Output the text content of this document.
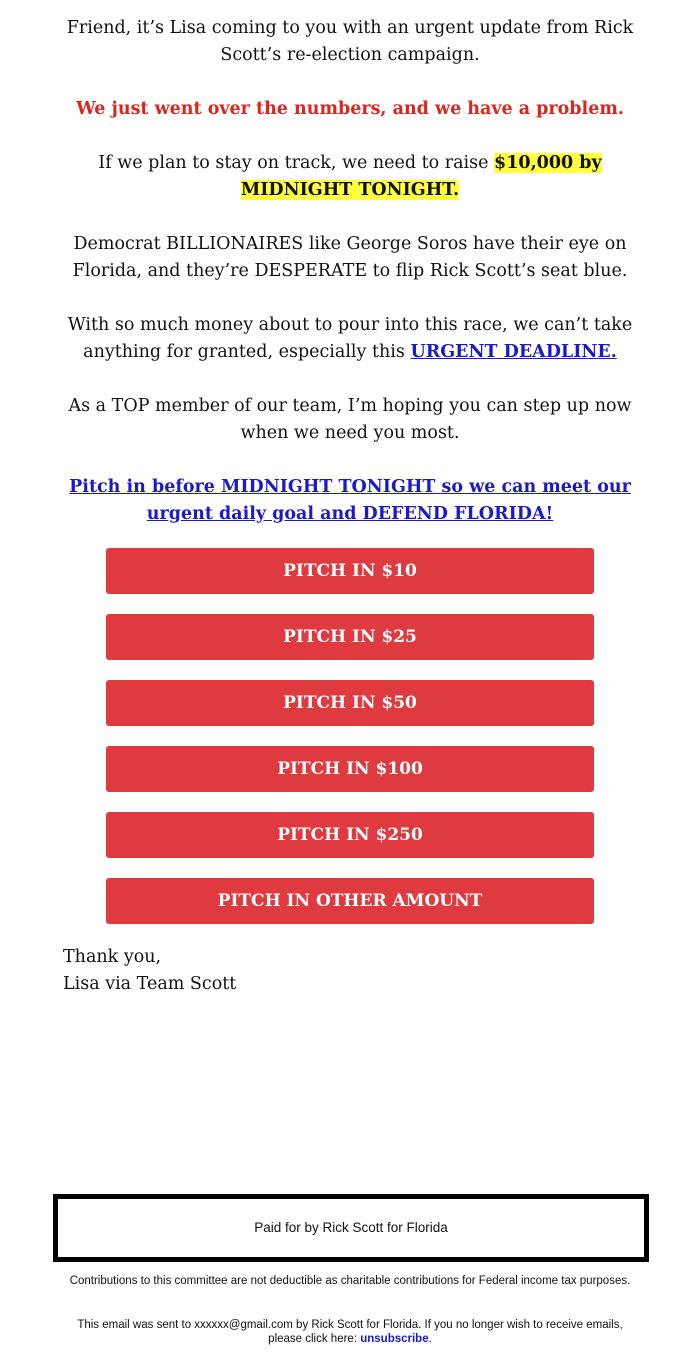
Friend, it’s Lisa coming to you with an urgent update from Rick Scott’s re-election campaign.

We just went over the numbers, and we have a problem.

If we plan to stay on track, we need to raise $10,000 by MIDNIGHT TONIGHT.

Democrat BILLIONAIRES like George Soros have their eye on Florida, and they’re DESPERATE to flip Rick Scott’s seat blue.

With so much money about to pour into this race, we can’t take anything for granted, especially this URGENT DEADLINE.

As a TOP member of our team, I’m hoping you can step up now when we need you most.

Pitch in before MIDNIGHT TONIGHT so we can meet our urgent daily goal and DEFEND FLORIDA!

PITCH IN $10
PITCH IN $25
PITCH IN $50
PITCH IN $100
PITCH IN $250
PITCH IN OTHER AMOUNT

Thank you,
Lisa via Team Scott

Paid for by Rick Scott for Florida

Contributions to this committee are not deductible as charitable contributions for Federal income tax purposes.

This email was sent to xxxxxx@gmail.com by Rick Scott for Florida. If you no longer wish to receive emails, please click here: unsubscribe.
